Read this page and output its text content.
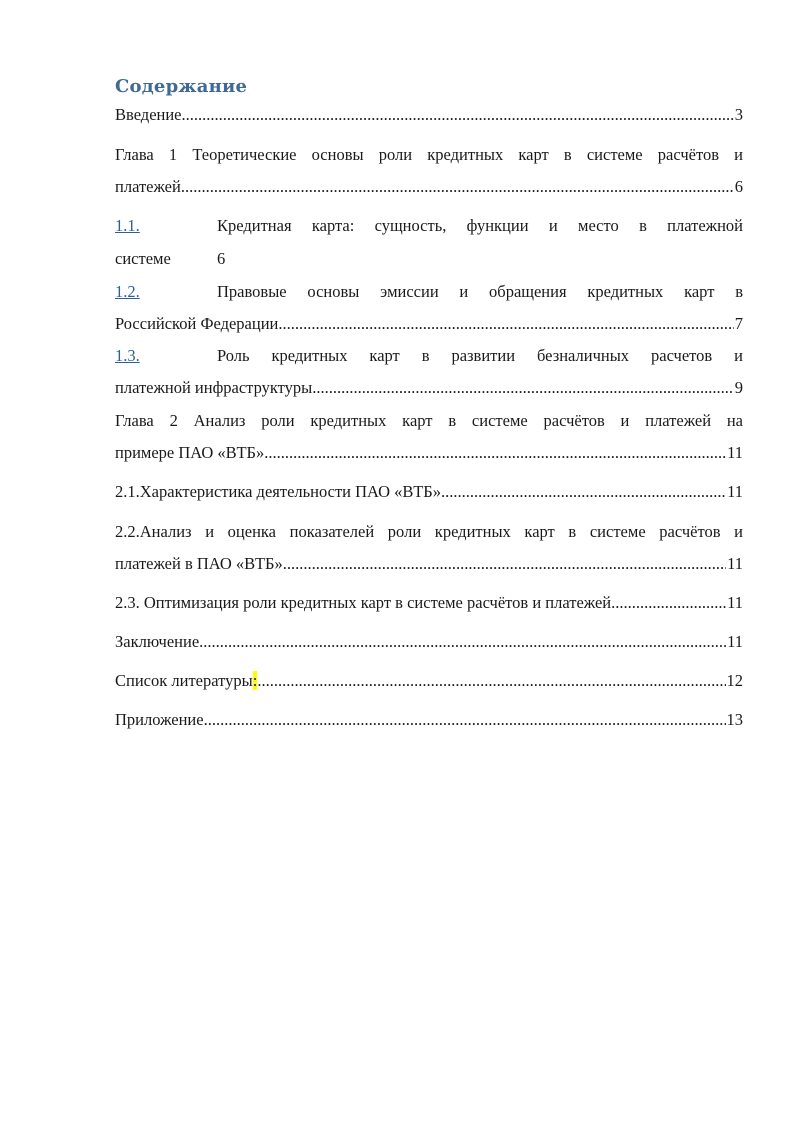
Содержание
Введение .....	3
Глава 1 Теоретические основы роли кредитных карт в системе расчётов и
платежей .....	6
1.1.	Кредитная карта: сущность, функции и место в платежной
системе	6
1.2.	Правовые основы эмиссии и обращения кредитных карт в
Российской Федерации .....	7
1.3.	Роль кредитных карт в развитии безналичных расчетов и
платежной инфраструктуры .....	9
Глава 2 Анализ роли кредитных карт в системе расчётов и платежей на
примере ПАО «ВТБ» .....	11
2.1.Характеристика деятельности ПАО «ВТБ» .....	11
2.2.Анализ и оценка показателей роли кредитных карт в системе расчётов и
платежей в ПАО «ВТБ» .....	11
2.3. Оптимизация роли кредитных карт в системе расчётов и платежей .....	11
Заключение .....	11
Список литературы: .....	12
Приложение .....	13
